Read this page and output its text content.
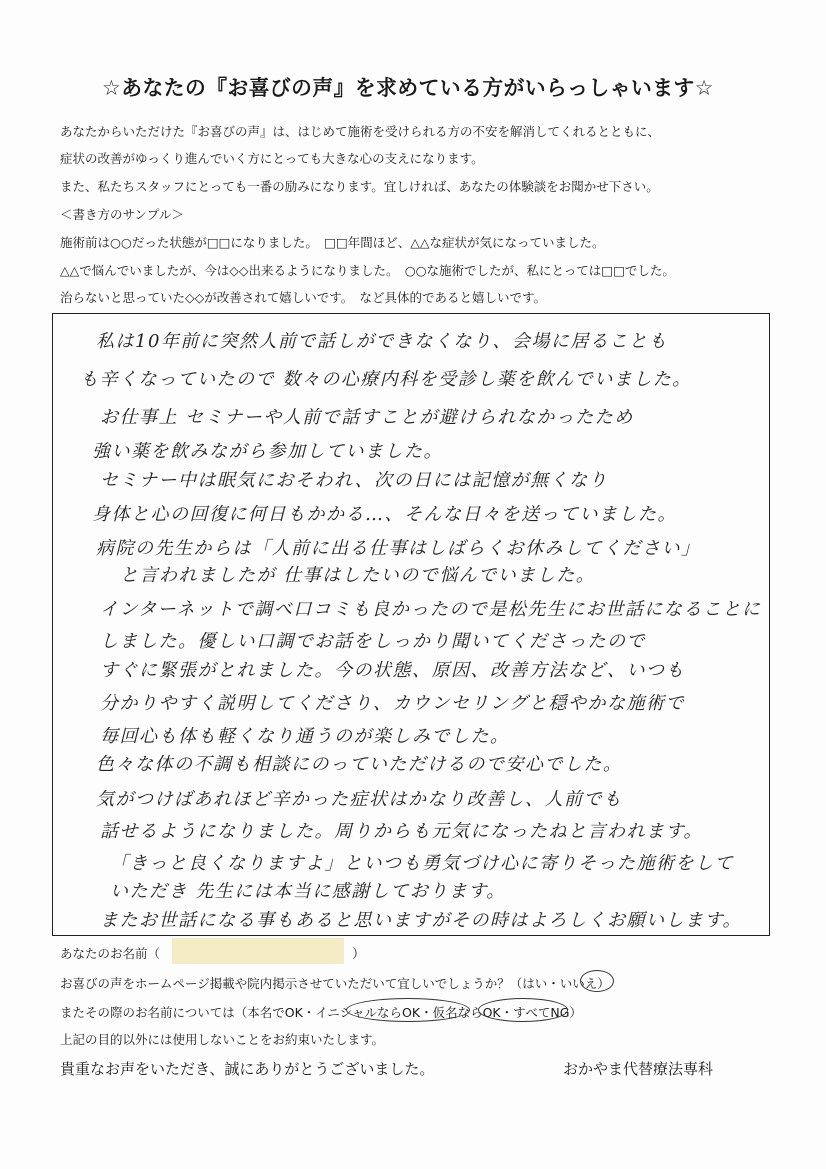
☆あなたの『お喜びの声』を求めている方がいらっしゃいます☆
あなたからいただけた『お喜びの声』は、はじめて施術を受けられる方の不安を解消してくれるとともに、
症状の改善がゆっくり進んでいく方にとっても大きな心の支えになります。
また、私たちスタッフにとっても一番の励みになります。宜しければ、あなたの体験談をお聞かせ下さい。
＜書き方のサンプル＞
施術前は○○だった状態が□□になりました。　□□年間ほど、△△な症状が気になっていました。
△△で悩んでいましたが、今は◇◇出来るようになりました。　○○な施術でしたが、私にとっては□□でした。
治らないと思っていた◇◇が改善されて嬉しいです。　など具体的であると嬉しいです。
私は10年前に突然人前で話しができなくなり、会場に居ることも
も辛くなっていたので 数々の心療内科を受診し薬を飲んでいました。
お仕事上 セミナーや人前で話すことが避けられなかったため
強い薬を飲みながら参加していました。
セミナー中は眠気におそわれ、次の日には記憶が無くなり
身体と心の回復に何日もかかる…、そんな日々を送っていました。
病院の先生からは「人前に出る仕事はしばらくお休みしてください」
と言われましたが 仕事はしたいので悩んでいました。
インターネットで調べ口コミも良かったので是松先生にお世話になることに
しました。優しい口調でお話をしっかり聞いてくださったので
すぐに緊張がとれました。今の状態、原因、改善方法など、いつも
分かりやすく説明してくださり、カウンセリングと穏やかな施術で
毎回心も体も軽くなり通うのが楽しみでした。
色々な体の不調も相談にのっていただけるので安心でした。
気がつけばあれほど辛かった症状はかなり改善し、人前でも
話せるようになりました。周りからも元気になったねと言われます。
「きっと良くなりますよ」といつも勇気づけ心に寄りそった施術をして
いただき 先生には本当に感謝しております。
またお世話になる事もあると思いますがその時はよろしくお願いします。
あなたのお名前（	）
お喜びの声をホームページ掲載や院内掲示させていただいて宜しいでしょうか？（はい・いいえ）
またその際のお名前については（本名でOK・イニシャルならOK・仮名ならOK・すべてNG）
上記の目的以外には使用しないことをお約束いたします。
貴重なお声をいただき、誠にありがとうございました。	おかやま代替療法専科
